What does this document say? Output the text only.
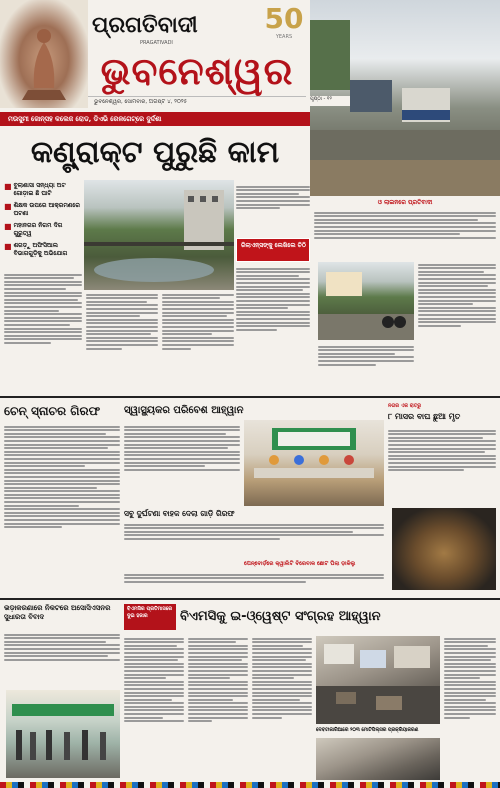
ପ୍ରଗତିବାଦୀ
PRAGATIVADI
50
YEARS
ଭୁବନେଶ୍ୱର
ଭୁବନେଶ୍ୱର, ସୋମବାର, ଅଗଷ୍ଟ ୪, ୨୦୨୫	ପୃଷ୍ଠା - ୧୨
ମଉସୁମୀ ଜୋନ୍‌ସହ କଲେଜ ରୋଡ, ଡିଏଭି ରେଳଗେଟ୍‌ରେ ଦୁର୍ଦ୍ଦଶା
କଣ୍ଟ୍ରାକ୍ଟ ପୁରୁଛି କାମ
■ ବୁଲାଣାସା ସନ୍ଧ୍ୟା ଅଟ ଗୋଡ଼ାଇ ଛି ଘାଟି
■ ଶିକ୍ଷକ ଉପରେ ଆକ୍ରମଣରେ ଘଟଣା
■ ମହାନଗର ନିଗମ ଦିଗ ଗୁରୁତ୍ୱ
■ ଶଗଡ଼ୁ ଅଫିସିଆଲ ବିଭାଗଗୁଡ଼ିକୁ ଅଭିଯୋଗ
ରିଲାଏନ୍ସଙ୍କୁ ଲେଖିଲେ ଚିଠି
ଓ ଲାଇନରେ ପ୍ରତିବାଦୀ
ଚେନ୍ ସ୍ନାଚର ଗିରଫ	ସ୍ୱାସ୍ଥ୍ୟକର ପରିବେଶ ଆହ୍ୱାନ
ସବୁ ଦୁର୍ଘଟଣା ବାହକ ଦେଲା ଗାଡ଼ି ଗିରଫ
ପେନ୍‌ବୋର୍ଡ଼ରେ କ୍ୱାଲିଟି ବିରେବାକ ଛୋଟ ପିଲା ଡ଼ାକିଲୁ
ନଗର ଏକ ରାତରୁ
୮ ମାସର ବାଘ ଛୁଆ ମୃତ
ଭଡ଼ାକରଣାରେ ନିକଟରେ ଅସୋସିଏସନର ସୁଧାରତା ବିବାଦ
ବିଏମସିର ପ୍ରତିମାସରେ ଦୁଇ ହଜାର	ବିଏମସିକୁ ଇ-ଓ୍ୱେଷ୍ଟ ସଂଗ୍ରହ ଆହ୍ୱାନ
ଦେବଟାକାରିଆରେ ୨୦୩ ମୋଟିପିଲ୍ସର ପ୍ରକ୍ରିୟାକରଣ
